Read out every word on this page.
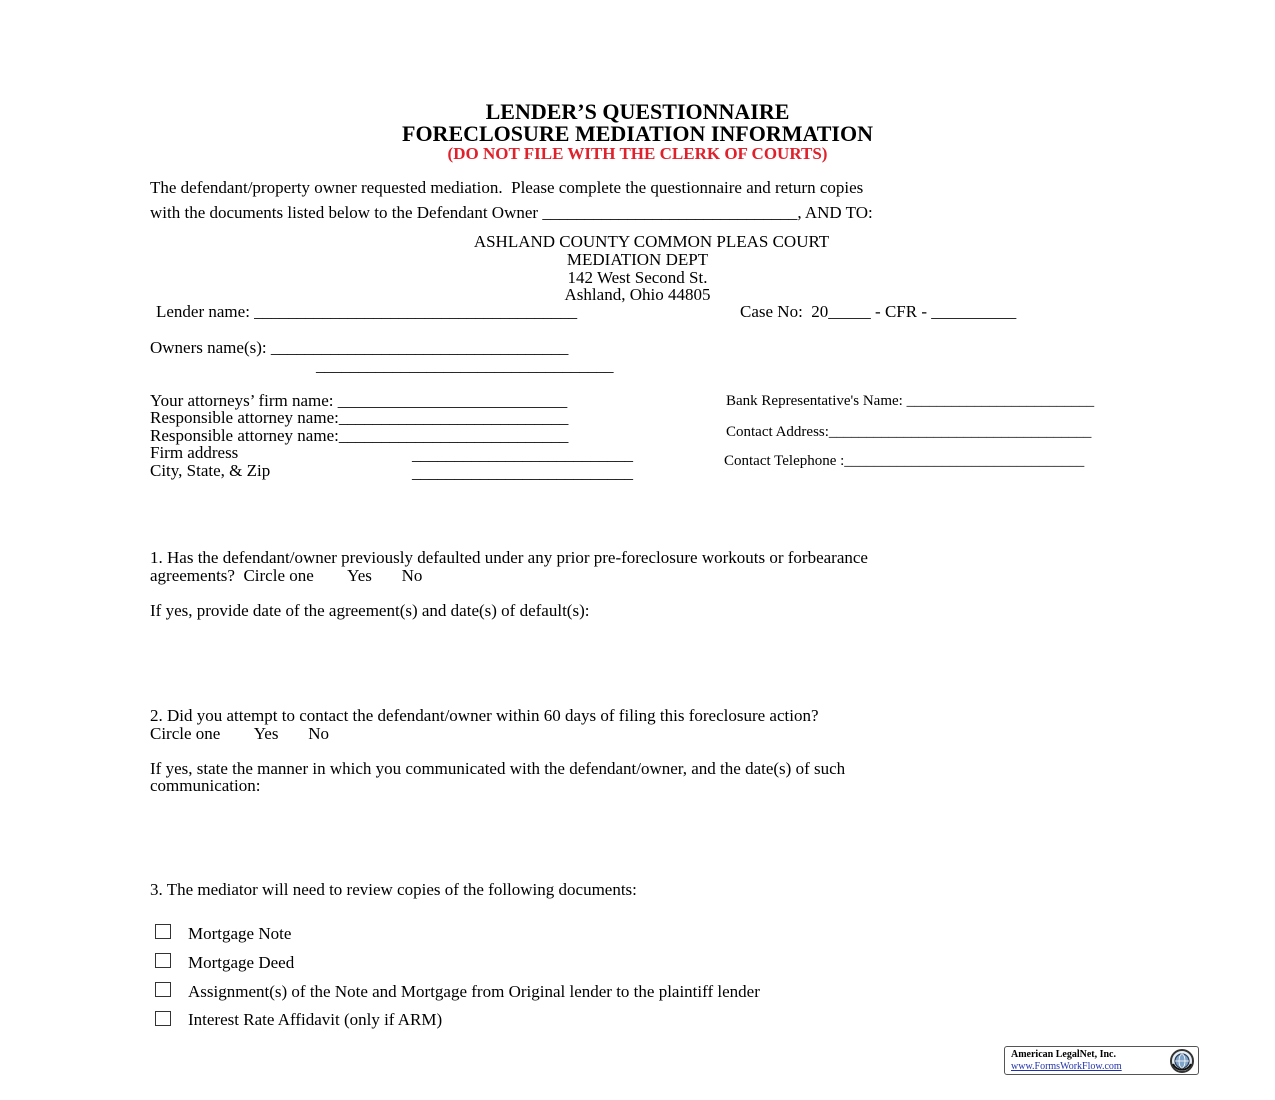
LENDER’S QUESTIONNAIRE
FORECLOSURE MEDIATION INFORMATION
(DO NOT FILE WITH THE CLERK OF COURTS)
The defendant/property owner requested mediation.  Please complete the questionnaire and return copies
with the documents listed below to the Defendant Owner ______________________________, AND TO:
ASHLAND COUNTY COMMON PLEAS COURT
MEDIATION DEPT
142 West Second St.
Ashland, Ohio 44805
Lender name: ______________________________________	Case No:  20_____ - CFR - __________
Owners name(s): ___________________________________
___________________________________
Your attorneys’ firm name: ___________________________
Responsible attorney name:___________________________
Responsible attorney name:___________________________
Firm address	__________________________
City, State, & Zip	__________________________
Bank Representative's Name: _________________________
Contact Address:___________________________________
Contact Telephone :________________________________
1. Has the defendant/owner previously defaulted under any prior pre-foreclosure workouts or forbearance
agreements?  Circle one        Yes       No
If yes, provide date of the agreement(s) and date(s) of default(s):
2. Did you attempt to contact the defendant/owner within 60 days of filing this foreclosure action?
Circle one        Yes       No
If yes, state the manner in which you communicated with the defendant/owner, and the date(s) of such
communication:
3. The mediator will need to review copies of the following documents:
Mortgage Note
Mortgage Deed
Assignment(s) of the Note and Mortgage from Original lender to the plaintiff lender
Interest Rate Affidavit (only if ARM)
American LegalNet, Inc.
www.FormsWorkFlow.com
